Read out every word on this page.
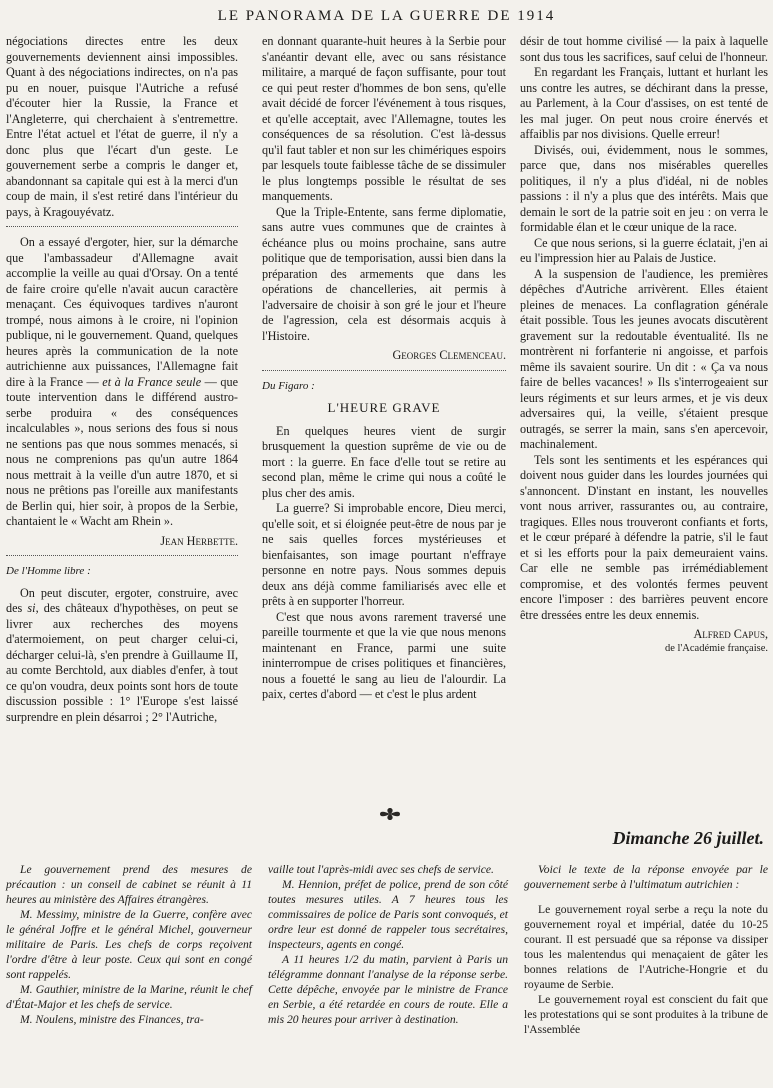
LE PANORAMA DE LA GUERRE DE 1914

négociations directes entre les deux gouvernements deviennent ainsi impossibles. Quant à des négociations indirectes, on n'a pas pu en nouer, puisque l'Autriche a refusé d'écouter hier la Russie, la France et l'Angleterre, qui cherchaient à s'entremettre. Entre l'état actuel et l'état de guerre, il n'y a donc plus que l'écart d'un geste. Le gouvernement serbe a compris le danger et, abandonnant sa capitale qui est à la merci d'un coup de main, il s'est retiré dans l'intérieur du pays, à Kragouyévatz.

On a essayé d'ergoter, hier, sur la démarche que l'ambassadeur d'Allemagne avait accomplie la veille au quai d'Orsay. On a tenté de faire croire qu'elle n'avait aucun caractère menaçant. Ces équivoques tardives n'auront trompé, nous aimons à le croire, ni l'opinion publique, ni le gouvernement. Quand, quelques heures après la communication de la note autrichienne aux puissances, l'Allemagne fait dire à la France — et à la France seule — que toute intervention dans le différend austro-serbe produira « des conséquences incalculables », nous serions des fous si nous ne sentions pas que nous sommes menacés, si nous ne comprenions pas qu'un autre 1864 nous mettrait à la veille d'un autre 1870, et si nous ne prêtions pas l'oreille aux manifestants de Berlin qui, hier soir, à propos de la Serbie, chantaient le « Wacht am Rhein ».

Jean Herbette.

De l'Homme libre :

On peut discuter, ergoter, construire, avec des si, des châteaux d'hypothèses, on peut se livrer aux recherches des moyens d'atermoiement, on peut charger celui-ci, décharger celui-là, s'en prendre à Guillaume II, au comte Berchtold, aux diables d'enfer, à tout ce qu'on voudra, deux points sont hors de toute discussion possible : 1° l'Europe s'est laissé surprendre en plein désarroi ; 2° l'Autriche,

en donnant quarante-huit heures à la Serbie pour s'anéantir devant elle, avec ou sans résistance militaire, a marqué de façon suffisante, pour tout ce qui peut rester d'hommes de bon sens, qu'elle avait décidé de forcer l'événement à tous risques, et qu'elle acceptait, avec l'Allemagne, toutes les conséquences de sa résolution. C'est là-dessus qu'il faut tabler et non sur les chimériques espoirs par lesquels toute faiblesse tâche de se dissimuler le plus longtemps possible le résultat de ses manquements.

Que la Triple-Entente, sans ferme diplomatie, sans autre vues communes que de craintes à échéance plus ou moins prochaine, sans autre politique que de temporisation, aussi bien dans la préparation des armements que dans les opérations de chancelleries, ait permis à l'adversaire de choisir à son gré le jour et l'heure de l'agression, cela est désormais acquis à l'Histoire.

Georges Clemenceau.

Du Figaro :

L'HEURE GRAVE

En quelques heures vient de surgir brusquement la question suprême de vie ou de mort : la guerre. En face d'elle tout se retire au second plan, même le crime qui nous a coûté le plus cher des amis.

La guerre? Si improbable encore, Dieu merci, qu'elle soit, et si éloignée peut-être de nous par je ne sais quelles forces mystérieuses et bienfaisantes, son image pourtant n'effraye personne en notre pays. Nous sommes depuis deux ans déjà comme familiarisés avec elle et prêts à en supporter l'horreur.

C'est que nous avons rarement traversé une pareille tourmente et que la vie que nous menons maintenant en France, parmi une suite ininterrompue de crises politiques et financières, nous a fouetté le sang au lieu de l'alourdir. La paix, certes d'abord — et c'est le plus ardent

désir de tout homme civilisé — la paix à laquelle sont dus tous les sacrifices, sauf celui de l'honneur.

En regardant les Français, luttant et hurlant les uns contre les autres, se déchirant dans la presse, au Parlement, à la Cour d'assises, on est tenté de les mal juger. On peut nous croire énervés et affaiblis par nos divisions. Quelle erreur!

Divisés, oui, évidemment, nous le sommes, parce que, dans nos misérables querelles politiques, il n'y a plus d'idéal, ni de nobles passions : il n'y a plus que des intérêts. Mais que demain le sort de la patrie soit en jeu : on verra le formidable élan et le cœur unique de la race.

Ce que nous serions, si la guerre éclatait, j'en ai eu l'impression hier au Palais de Justice.

A la suspension de l'audience, les premières dépêches d'Autriche arrivèrent. Elles étaient pleines de menaces. La conflagration générale était possible. Tous les jeunes avocats discutèrent gravement sur la redoutable éventualité. Ils ne montrèrent ni forfanterie ni angoisse, et parfois même ils savaient sourire. Un dit : « Ça va nous faire de belles vacances! » Ils s'interrogeaient sur leurs régiments et sur leurs armes, et je vis deux adversaires qui, la veille, s'étaient presque outragés, se serrer la main, sans s'en apercevoir, machinalement.

Tels sont les sentiments et les espérances qui doivent nous guider dans les lourdes journées qui s'annoncent. D'instant en instant, les nouvelles vont nous arriver, rassurantes ou, au contraire, tragiques. Elles nous trouveront confiants et forts, et le cœur préparé à défendre la patrie, s'il le faut et si les efforts pour la paix demeuraient vains. Car elle ne semble pas irrémédiablement compromise, et des volontés fermes peuvent encore l'imposer : des barrières peuvent encore être dressées entre les deux ennemis.

Alfred Capus,

de l'Académie française.
Dimanche 26 juillet.

Le gouvernement prend des mesures de précaution : un conseil de cabinet se réunit à 11 heures au ministère des Affaires étrangères.

M. Messimy, ministre de la Guerre, confère avec le général Joffre et le général Michel, gouverneur militaire de Paris. Les chefs de corps reçoivent l'ordre d'être à leur poste. Ceux qui sont en congé sont rappelés.

M. Gauthier, ministre de la Marine, réunit le chef d'État-Major et les chefs de service.

M. Noulens, ministre des Finances, tra-

vaille tout l'après-midi avec ses chefs de service.

M. Hennion, préfet de police, prend de son côté toutes mesures utiles. A 7 heures tous les commissaires de police de Paris sont convoqués, et ordre leur est donné de rappeler tous secrétaires, inspecteurs, agents en congé.

A 11 heures 1/2 du matin, parvient à Paris un télégramme donnant l'analyse de la réponse serbe. Cette dépêche, envoyée par le ministre de France en Serbie, a été retardée en cours de route. Elle a mis 20 heures pour arriver à destination.

Voici le texte de la réponse envoyée par le gouvernement serbe à l'ultimatum autrichien :

Le gouvernement royal serbe a reçu la note du gouvernement royal et impérial, datée du 10-25 courant. Il est persuadé que sa réponse va dissiper tous les malentendus qui menaçaient de gâter les bonnes relations de l'Autriche-Hongrie et du royaume de Serbie.

Le gouvernement royal est conscient du fait que les protestations qui se sont produites à la tribune de l'Assemblée
